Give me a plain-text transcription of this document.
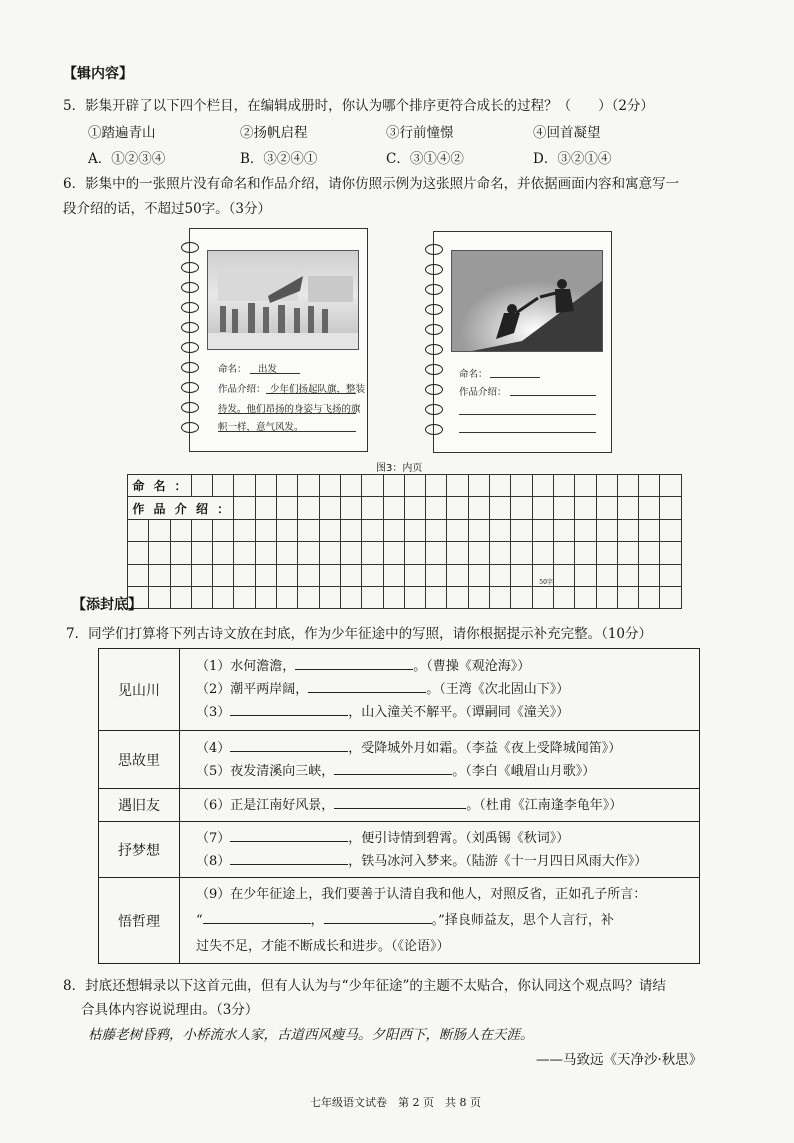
【辑内容】
5．影集开辟了以下四个栏目，在编辑成册时，你认为哪个排序更符合成长的过程？（　　）（2分）
①踏遍青山	②扬帆启程	③行前憧憬	④回首凝望
A．①②③④	B．③②④①	C．③①④②	D．③②①④
6．影集中的一张照片没有命名和作品介绍，请你仿照示例为这张照片命名，并依据画面内容和寓意写一
段介绍的话，不超过50字。（3分）
命名： 出发
作品介绍： 少年们扬起队旗，整装
待发。他们昂扬的身姿与飞扬的旗
帜一样，意气风发。
命名：
作品介绍：
图3：内页
命	名	：																							
作	品	介	绍	：																					

																			50字						

【添封底】
7．同学们打算将下列古诗文放在封底，作为少年征途中的写照，请你根据提示补充完整。（10分）
见山川	（1）水何澹澹， 。（曹操《观沧海》）
（2）潮平两岸阔， 。（王湾《次北固山下》）
（3） ，山入潼关不解平。（谭嗣同《潼关》）

思故里	（4） ，受降城外月如霜。（李益《夜上受降城闻笛》）
（5）夜发清溪向三峡， 。（李白《峨眉山月歌》）

遇旧友	（6）正是江南好风景， 。（杜甫《江南逢李龟年》）

抒梦想	（7） ，便引诗情到碧霄。（刘禹锡《秋词》）
（8） ，铁马冰河入梦来。（陆游《十一月四日风雨大作》）

悟哲理	（9）在少年征途上，我们要善于认清自我和他人，对照反省，正如孔子所言：
“ ， 。”择良师益友，思个人言行，补
过失不足，才能不断成长和进步。（《论语》）
8．封底还想辑录以下这首元曲，但有人认为与“少年征途”的主题不太贴合，你认同这个观点吗？请结
合具体内容说说理由。（3分）
枯藤老树昏鸦，小桥流水人家，古道西风瘦马。夕阳西下，断肠人在天涯。
——马致远《天净沙·秋思》
七年级语文试卷　第 2 页　共 8 页
